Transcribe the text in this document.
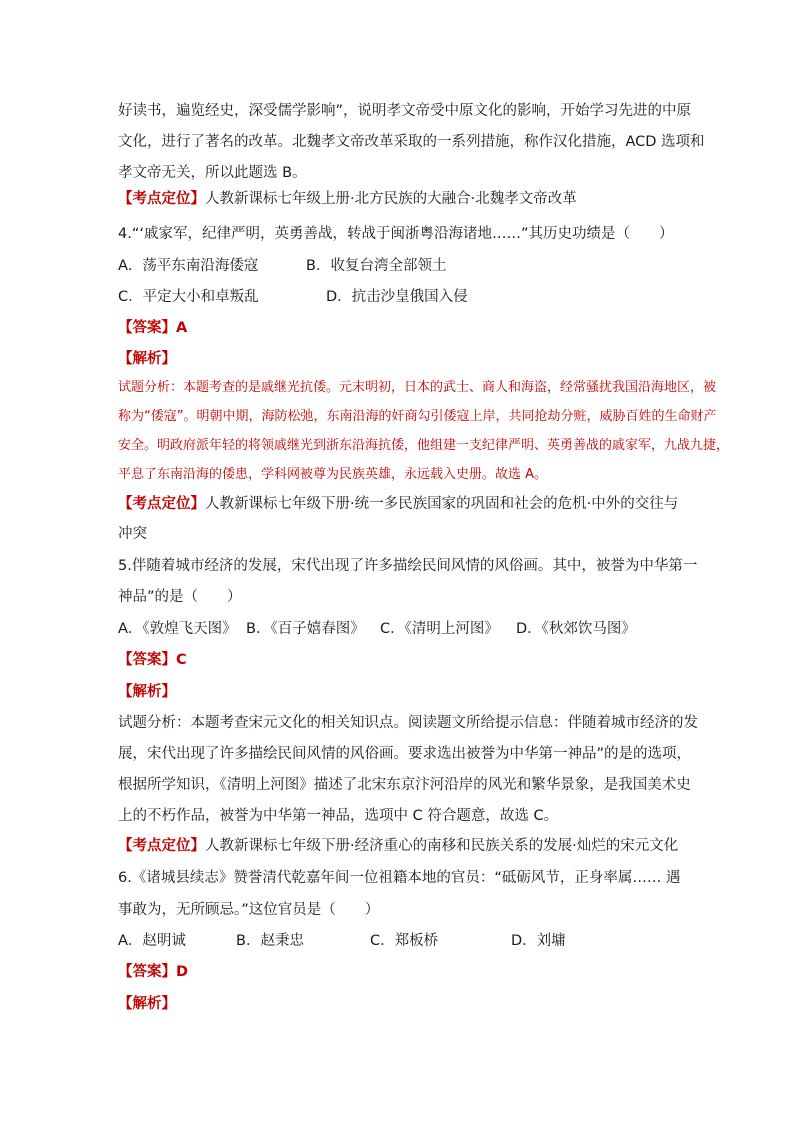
好读书，遍览经史，深受儒学影响”，说明孝文帝受中原文化的影响，开始学习先进的中原
文化，进行了著名的改革。北魏孝文帝改革采取的一系列措施，称作汉化措施，ACD 选项和
孝文帝无关，所以此题选 B。
【考点定位】人教新课标七年级上册·北方民族的大融合·北魏孝文帝改革
4.“‘戚家军，纪律严明，英勇善战，转战于闽浙粤沿海诸地……”其历史功绩是（　　）
A．荡平东南沿海倭寇	B．收复台湾全部领土
C．平定大小和卓叛乱	D．抗击沙皇俄国入侵
【答案】A
【解析】
试题分析：本题考查的是戚继光抗倭。元末明初，日本的武士、商人和海盗，经常骚扰我国沿海地区，被
称为“倭寇”。明朝中期，海防松弛，东南沿海的奸商勾引倭寇上岸，共同抢劫分赃，威胁百姓的生命财产
安全。明政府派年轻的将领戚继光到浙东沿海抗倭，他组建一支纪律严明、英勇善战的戚家军，九战九捷，
平息了东南沿海的倭患，学科网被尊为民族英雄，永远载入史册。故选 A。
【考点定位】人教新课标七年级下册·统一多民族国家的巩固和社会的危机·中外的交往与
冲突
5.伴随着城市经济的发展，宋代出现了许多描绘民间风情的风俗画。其中，被誉为中华第一
神品”的是（　　）
A．《敦煌飞天图》 B．《百子嬉春图》 C．《清明上河图》 D．《秋郊饮马图》
【答案】C
【解析】
试题分析：本题考查宋元文化的相关知识点。阅读题文所给提示信息：伴随着城市经济的发
展，宋代出现了许多描绘民间风情的风俗画。要求选出被誉为中华第一神品”的是的选项，
根据所学知识，《清明上河图》描述了北宋东京汴河沿岸的风光和繁华景象，是我国美术史
上的不朽作品，被誉为中华第一神品，选项中 C 符合题意，故选 C。
【考点定位】人教新课标七年级下册·经济重心的南移和民族关系的发展·灿烂的宋元文化
6.《诸城县续志》赞誉清代乾嘉年间一位祖籍本地的官员：“砥砺风节，正身率属…… 遇
事敢为，无所顾忌。”这位官员是（　　）
A．赵明诚	B．赵秉忠	C．郑板桥	D．刘墉
【答案】D
【解析】
